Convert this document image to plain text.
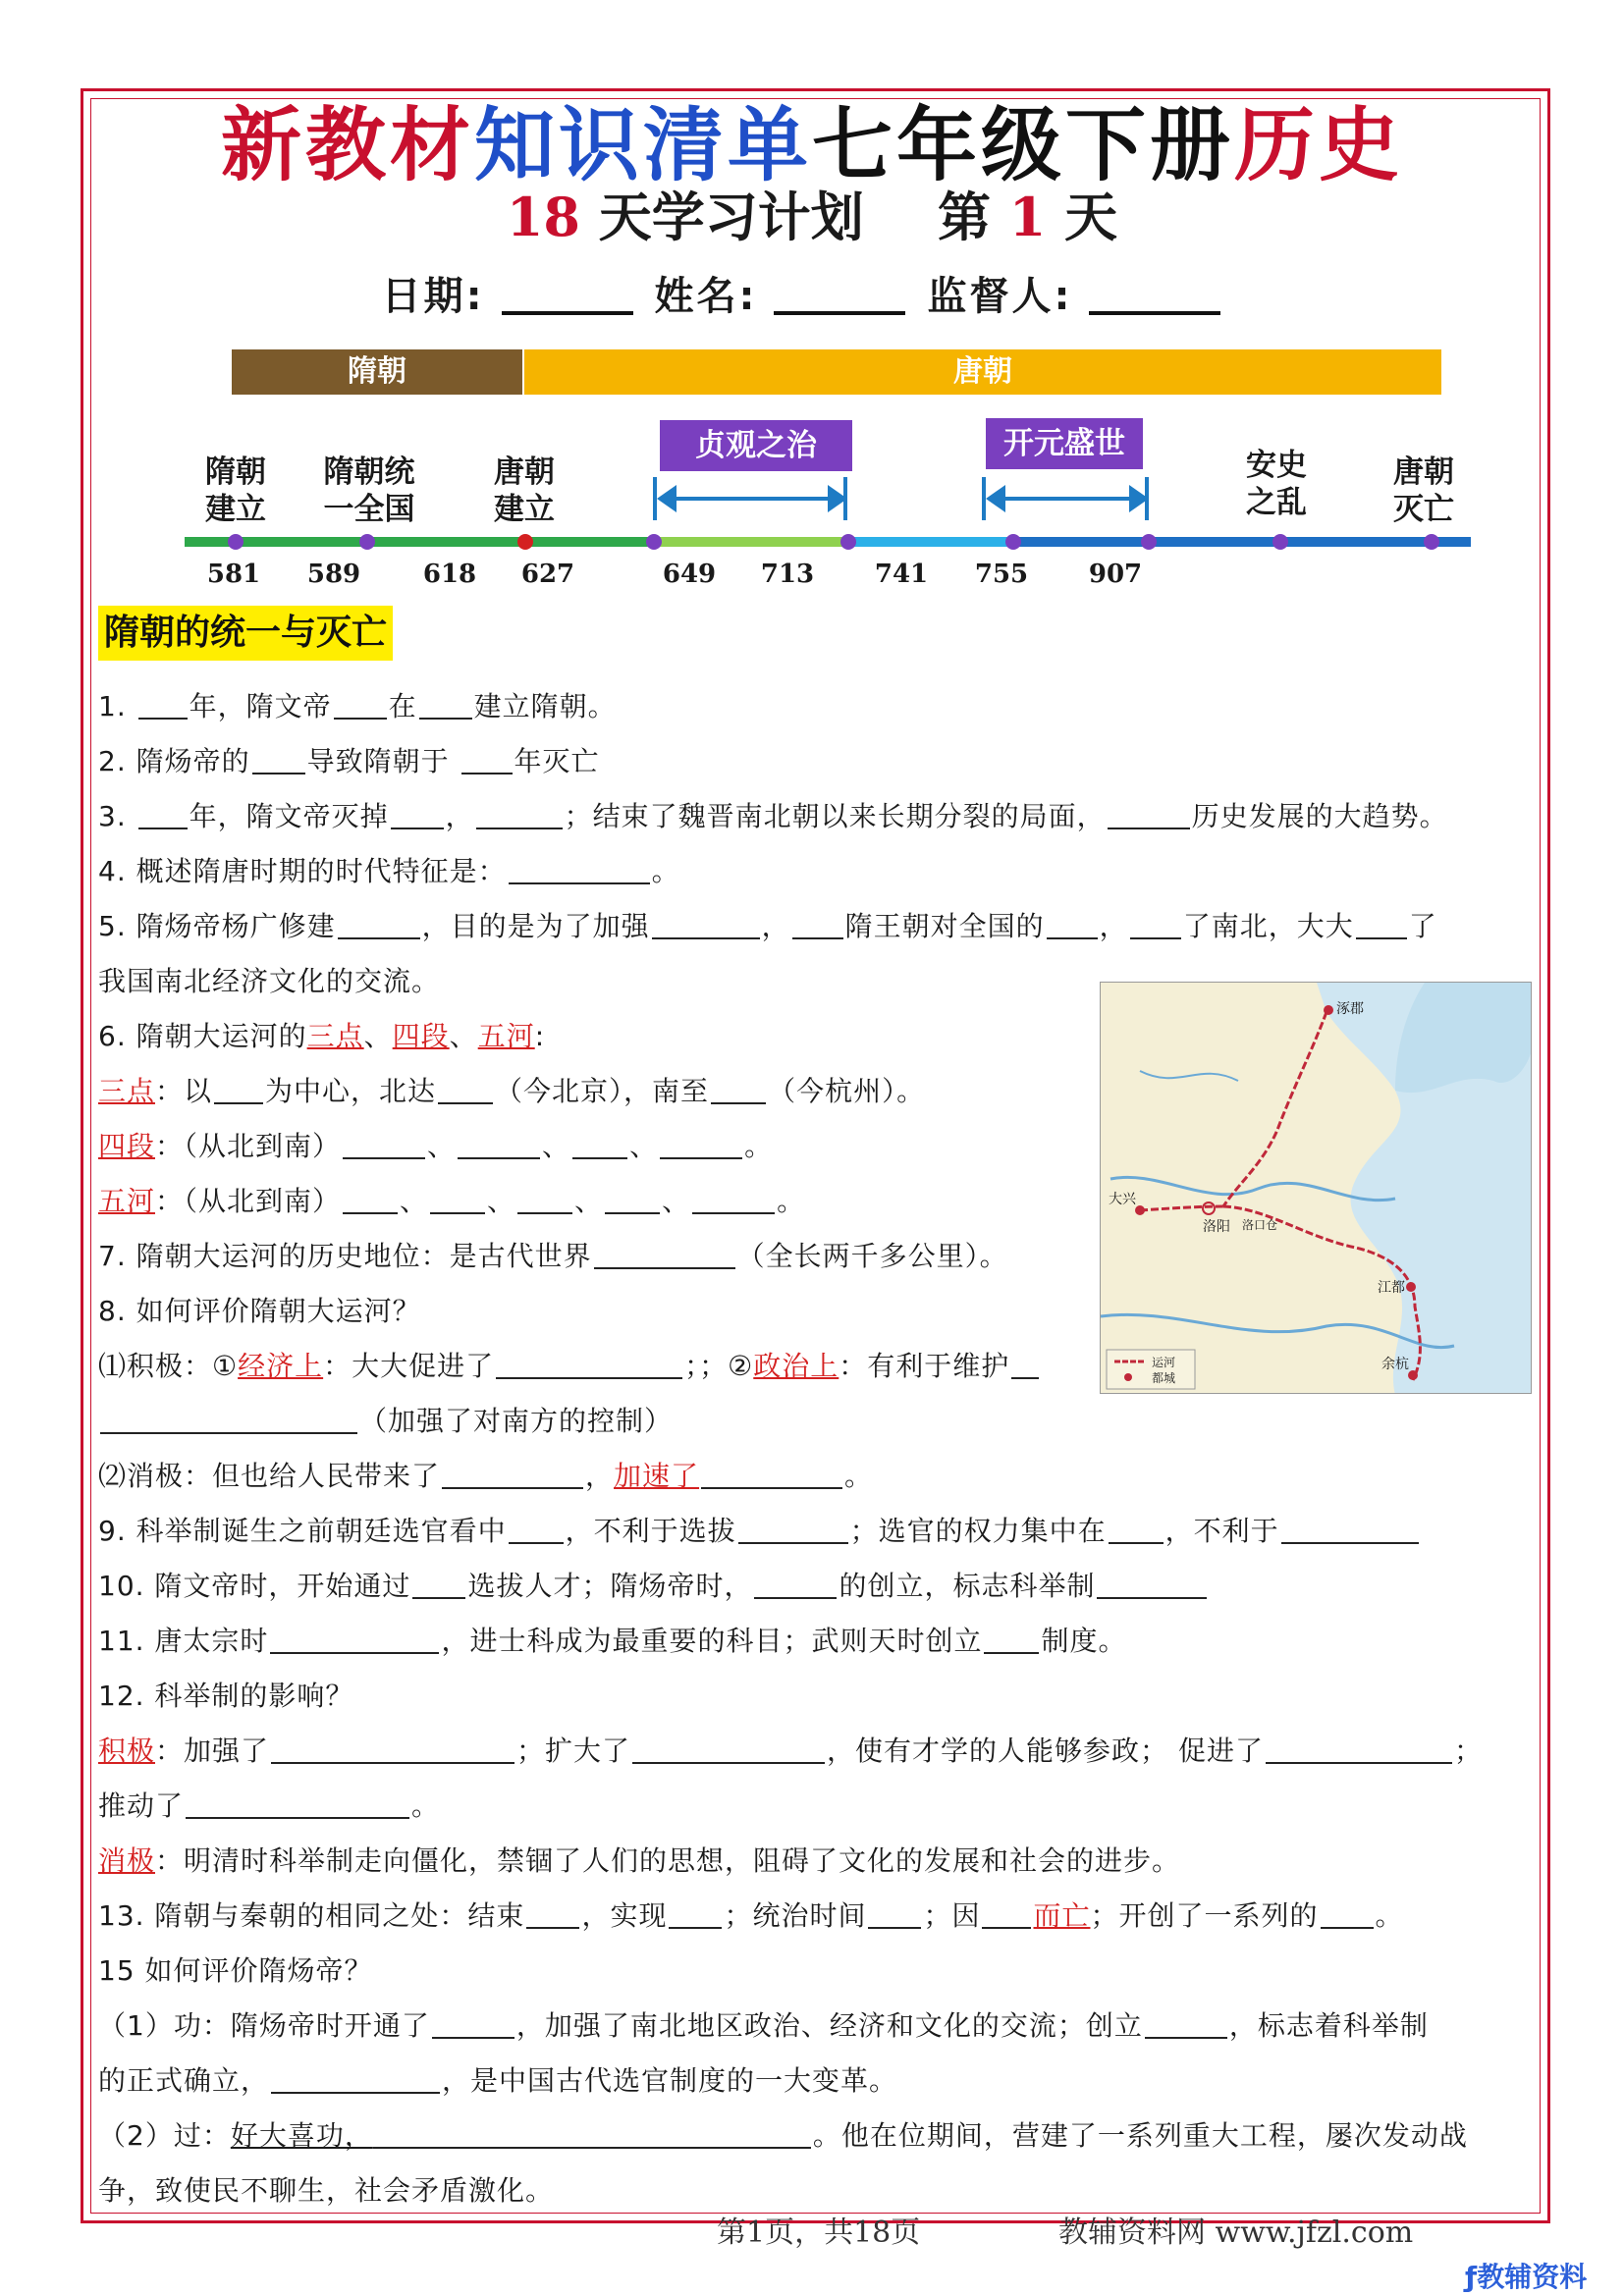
新教材知识清单七年级下册历史
18 天学习计划    第 1 天
日期:	姓名:	监督人:
隋朝	唐朝
隋朝
建立
隋朝统
一全国
唐朝
建立
安史
之乱
唐朝
灭亡
贞观之治	开元盛世
581	589	618	627	649	713	741	755	907
隋朝的统一与灭亡
1. 年，隋文帝 在 建立隋朝。
2. 隋炀帝的 导致隋朝于 年灭亡
3. 年，隋文帝灭掉 ，	；结束了魏晋南北朝以来长期分裂的局面，	历史发展的大趋势。
4. 概述隋唐时期的时代特征是：	。
5. 隋炀帝杨广修建	，目的是为了加强	， 隋王朝对全国的 ， 了南北，大大 了
我国南北经济文化的交流。
6. 隋朝大运河的三点、四段、五河:
三点：以 为中心，北达 （今北京），南至 （今杭州）。
四段：（从北到南）	、	、 、	。
五河：（从北到南） 、 、 、 、	。
7. 隋朝大运河的历史地位：是古代世界	（全长两千多公里）。
8. 如何评价隋朝大运河？
⑴积极：①经济上：大大促进了	；；②政治上：有利于维护
（加强了对南方的控制）
⑵消极：但也给人民带来了	，加速了	。
9. 科举制诞生之前朝廷选官看中 ，不利于选拔	；选官的权力集中在 ，不利于
10. 隋文帝时，开始通过 选拔人才；隋炀帝时，	的创立，标志科举制
11. 唐太宗时	，进士科成为最重要的科目；武则天时创立 制度。
12. 科举制的影响？
积极：加强了	；扩大了	，使有才学的人能够参政； 促进了	；
推动了	。
消极：明清时科举制走向僵化，禁锢了人们的思想，阻碍了文化的发展和社会的进步。
13. 隋朝与秦朝的相同之处：结束 ，实现 ；统治时间 ；因 而亡；开创了一系列的 。
15 如何评价隋炀帝？
（1）功：隋炀帝时开通了	，加强了南北地区政治、经济和文化的交流；创立	，标志着科举制
的正式确立，	，是中国古代选官制度的一大变革。
（2）过：好大喜功，	。他在位期间，营建了一系列重大工程，屡次发动战
争，致使民不聊生，社会矛盾激化。
涿郡
大兴
洛阳 洛口仓
江都
余杭
运河
都城
第1页，共18页	教辅资料网 www.jfzl.com
ƒ教辅资料
